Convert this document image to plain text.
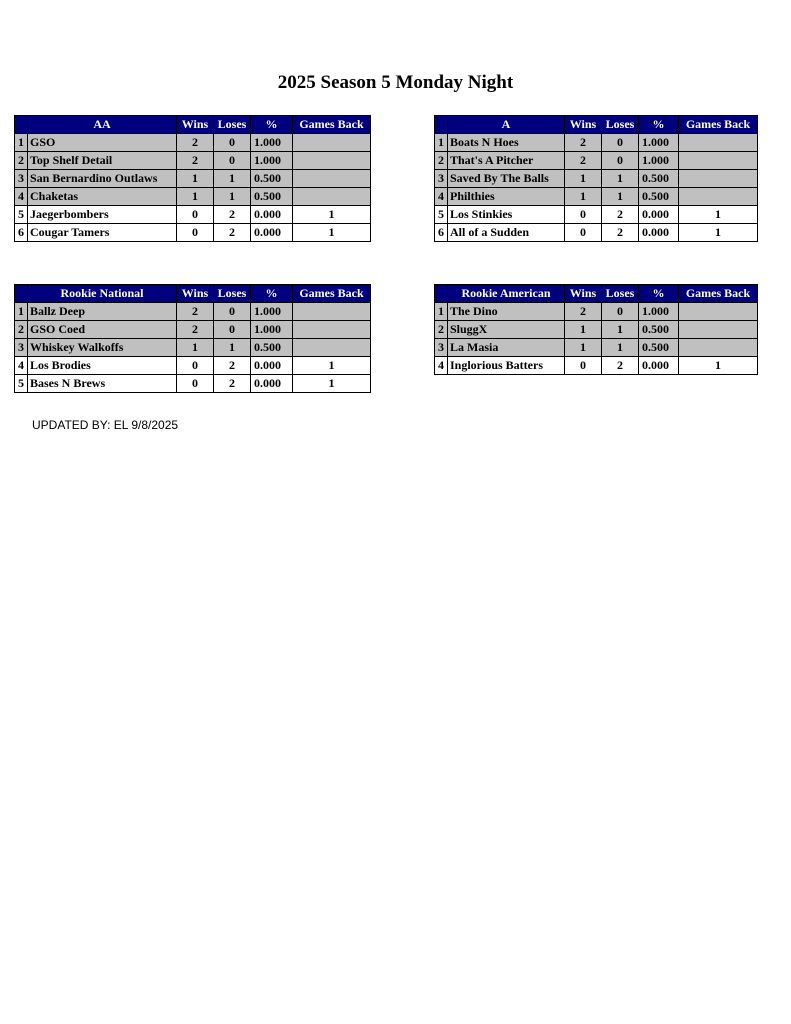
2025 Season 5 Monday Night
	AA	Wins	Loses	%	Games Back
1	GSO	2	0	1.000	
2	Top Shelf Detail	2	0	1.000	
3	San Bernardino Outlaws	1	1	0.500	
4	Chaketas	1	1	0.500	
5	Jaegerbombers	0	2	0.000	1
6	Cougar Tamers	0	2	0.000	1
	A	Wins	Loses	%	Games Back
1	Boats N Hoes	2	0	1.000	
2	That's A Pitcher	2	0	1.000	
3	Saved By The Balls	1	1	0.500	
4	Philthies	1	1	0.500	
5	Los Stinkies	0	2	0.000	1
6	All of a Sudden	0	2	0.000	1
	Rookie National	Wins	Loses	%	Games Back
1	Ballz Deep	2	0	1.000	
2	GSO Coed	2	0	1.000	
3	Whiskey Walkoffs	1	1	0.500	
4	Los Brodies	0	2	0.000	1
5	Bases N Brews	0	2	0.000	1
	Rookie American	Wins	Loses	%	Games Back
1	The Dino	2	0	1.000	
2	SluggX	1	1	0.500	
3	La Masia	1	1	0.500	
4	Inglorious Batters	0	2	0.000	1
UPDATED BY: EL 9/8/2025
